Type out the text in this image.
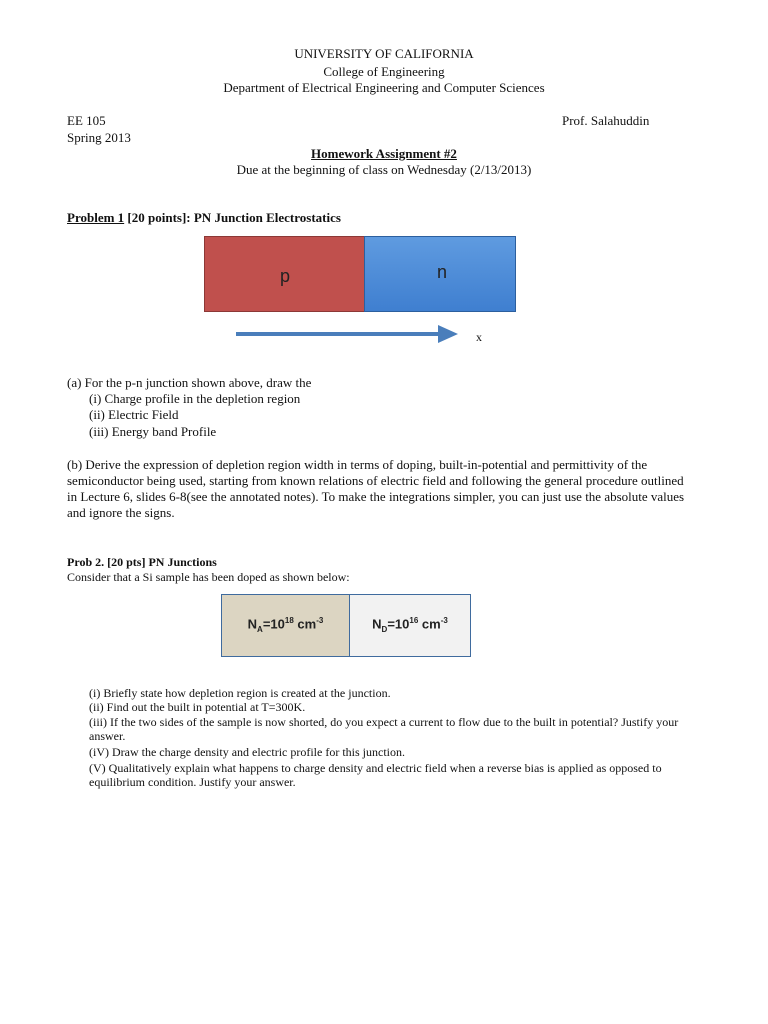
UNIVERSITY OF CALIFORNIA
College of Engineering
Department of Electrical Engineering and Computer Sciences
EE 105
Spring 2013
Prof. Salahuddin
Homework Assignment #2
Due at the beginning of class on Wednesday (2/13/2013)
Problem 1 [20 points]: PN Junction Electrostatics
p	n
x
(a) For the p-n junction shown above, draw the
(i) Charge profile in the depletion region
(ii) Electric Field
(iii) Energy band Profile
(b) Derive the expression of depletion region width in terms of doping, built-in-potential and permittivity of the semiconductor being used, starting from known relations of electric field and following the general procedure outlined in Lecture 6, slides 6-8(see the annotated notes). To make the integrations simpler, you can just use the absolute values and ignore the signs.
Prob 2. [20 pts] PN Junctions
Consider that a Si sample has been doped as shown below:
$N_A=10^{18}$ $cm^{-3}$	$N_D=10^{16}$ $cm^{-3}$
(i) Briefly state how depletion region is created at the junction.
(ii) Find out the built in potential at T=300K.
(iii) If the two sides of the sample is now shorted, do you expect a current to flow due to the built in potential? Justify your answer.
(iV) Draw the charge density and electric profile for this junction.
(V) Qualitatively explain what happens to charge density and electric field when a reverse bias is applied as opposed to equilibrium condition. Justify your answer.
